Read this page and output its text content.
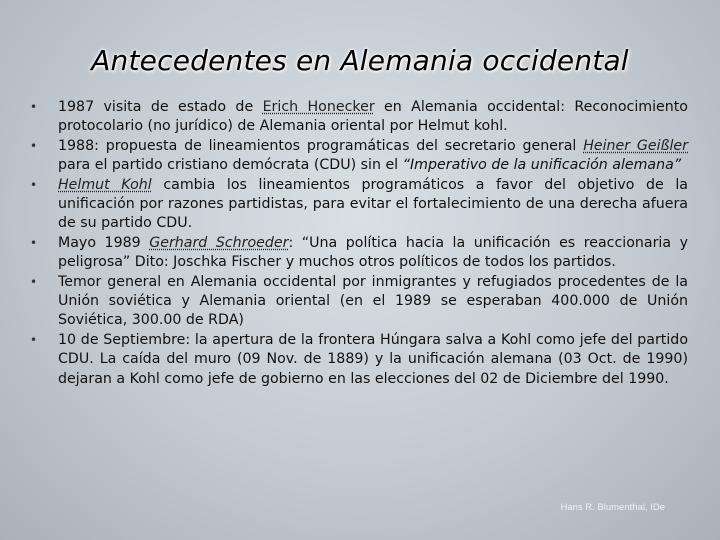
Antecedentes en Alemania occidental
• 1987 visita de estado de Erich Honecker en Alemania occidental: Reconocimiento protocolario (no jurídico) de Alemania oriental por Helmut kohl.
• 1988: propuesta de lineamientos programáticas del secretario general Heiner Geißler para el partido cristiano demócrata (CDU) sin el “Imperativo de la unificación alemana”
• Helmut Kohl cambia los lineamientos programáticos a favor del objetivo de la unificación por razones partidistas, para evitar el fortalecimiento de una derecha afuera de su partido CDU.
• Mayo 1989 Gerhard Schroeder: “Una política hacia la unificación es reaccionaria y peligrosa” Dito: Joschka Fischer y muchos otros políticos de todos los partidos.
• Temor general en Alemania occidental por inmigrantes y refugiados procedentes de la Unión soviética y Alemania oriental (en el 1989 se esperaban 400.000 de Unión Soviética, 300.00 de RDA)
• 10 de Septiembre: la apertura de la frontera Húngara salva a Kohl como jefe del partido CDU. La caída del muro (09 Nov. de 1889) y la unificación alemana (03 Oct. de 1990) dejaran a Kohl como jefe de gobierno en las elecciones del 02 de Diciembre del 1990.
Hans R. Blumenthal, IDe
